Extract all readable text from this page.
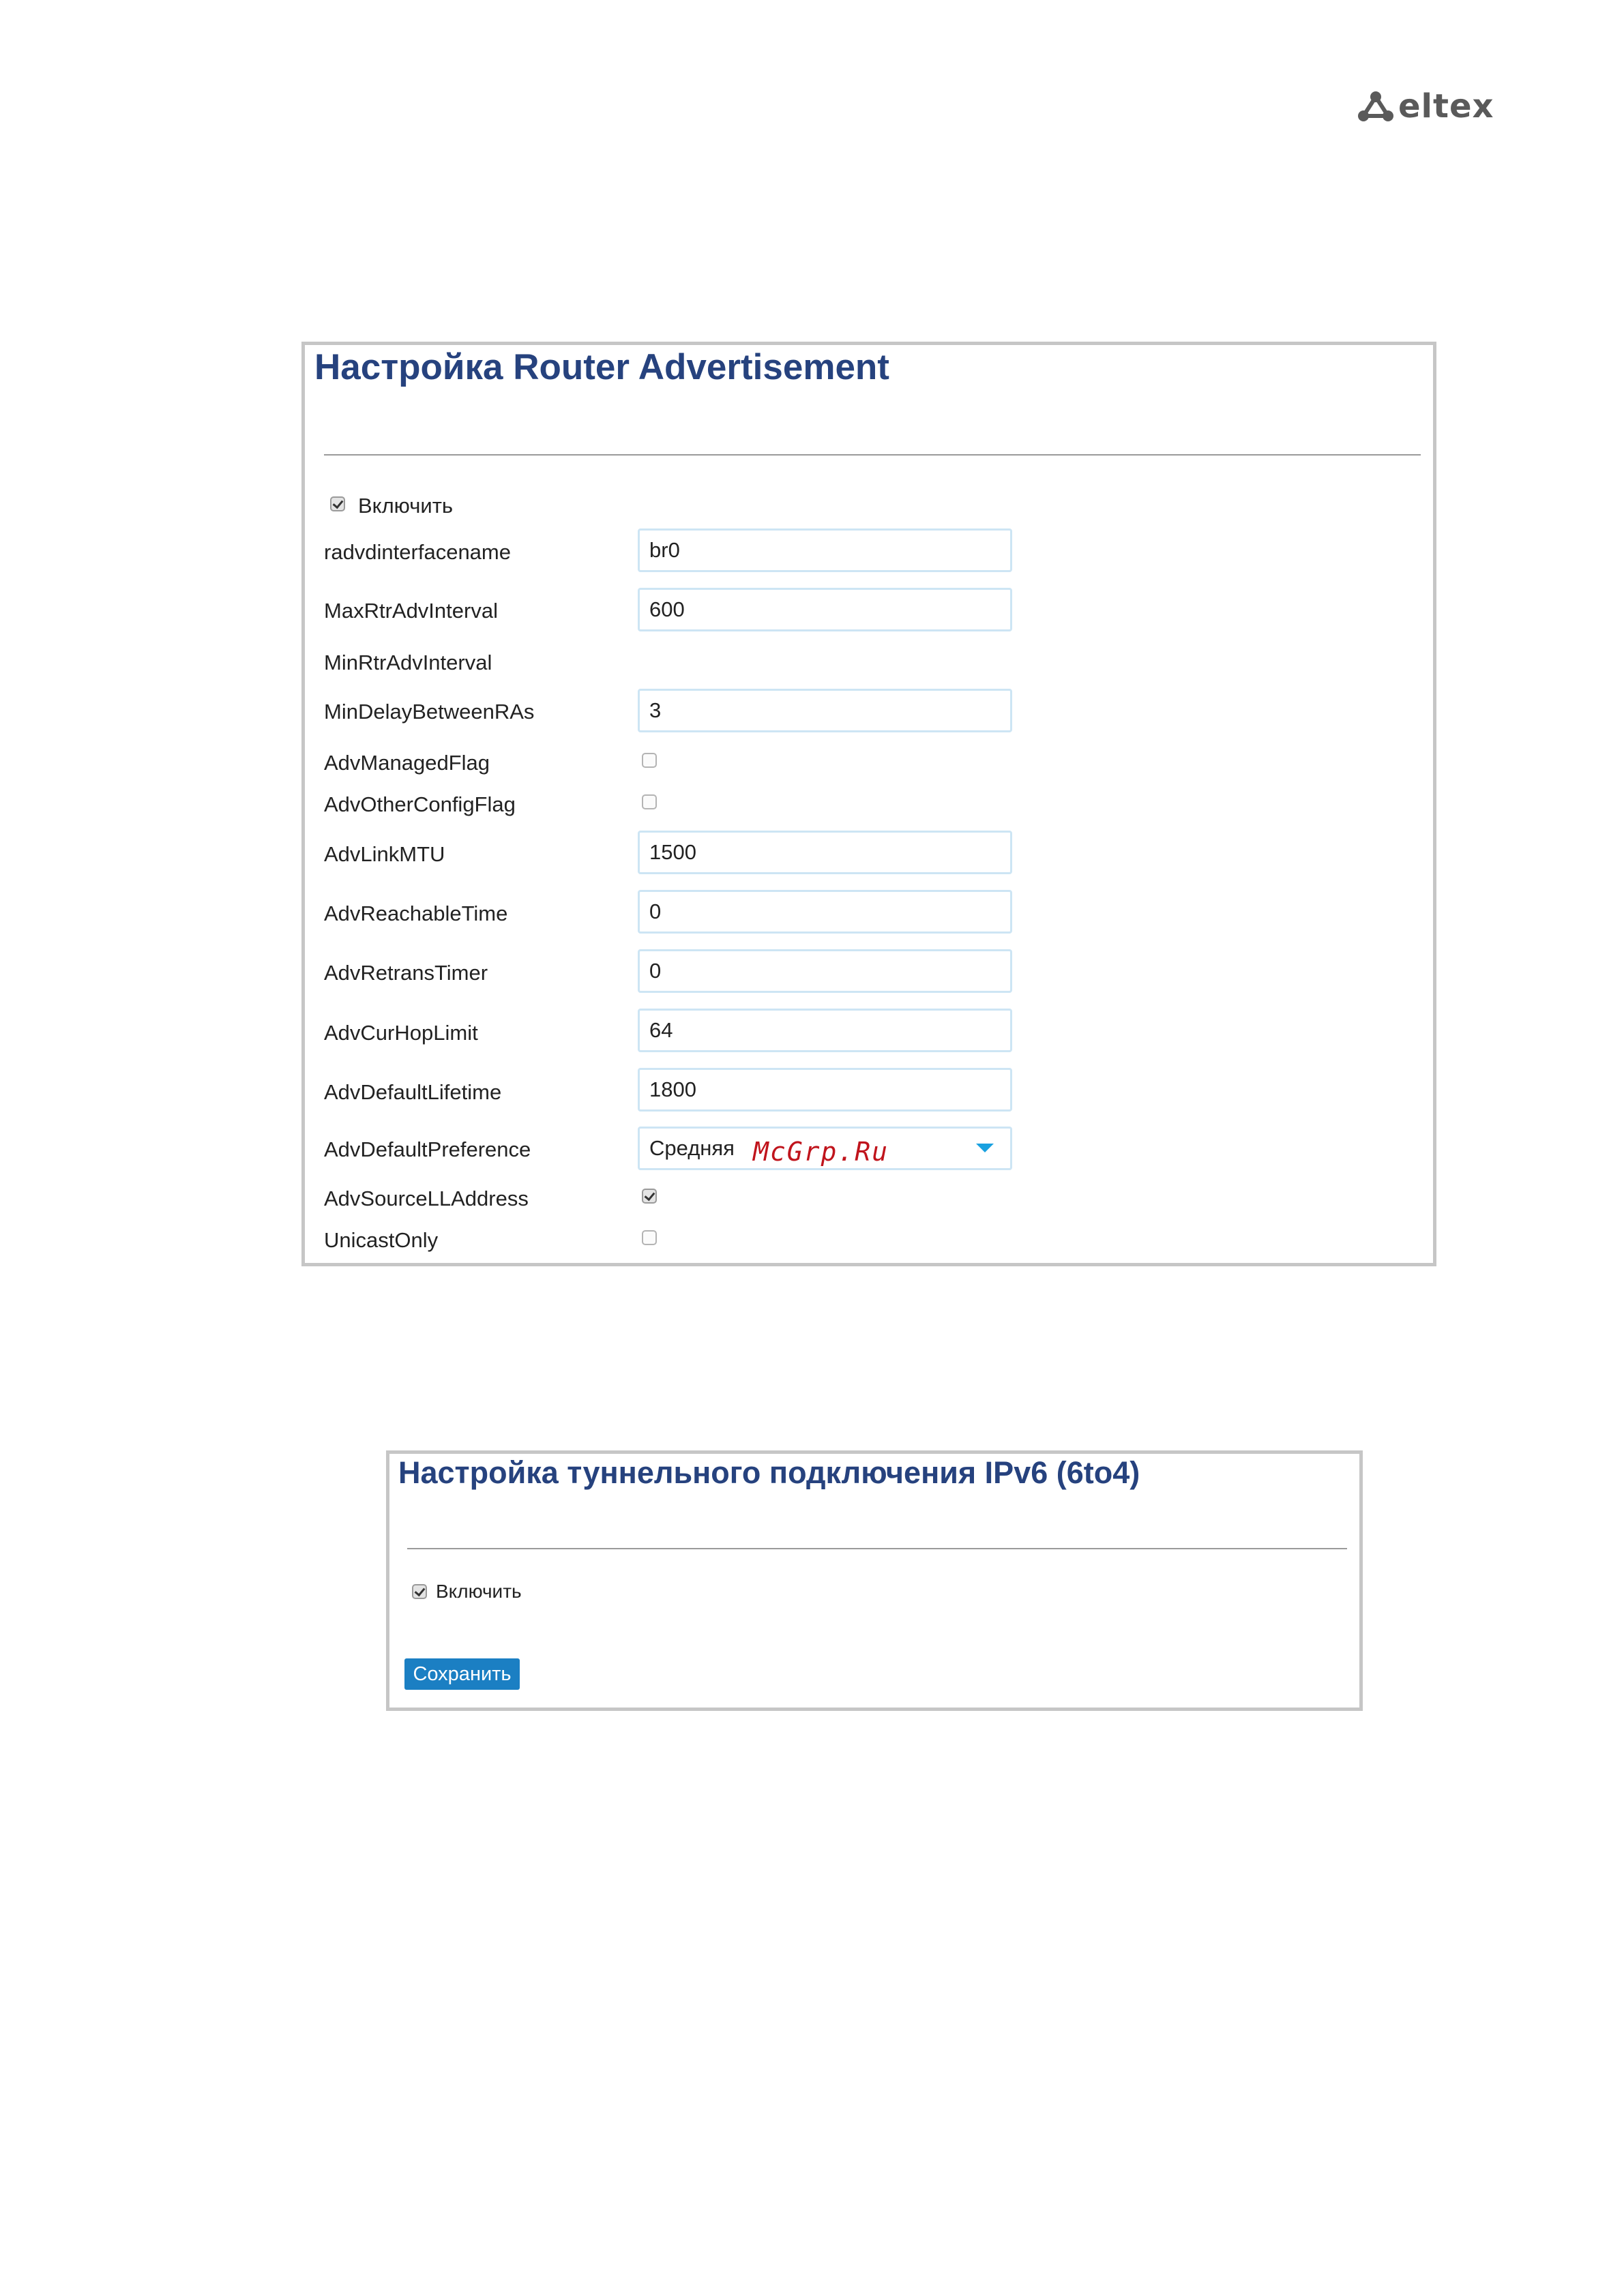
eltex
Настройка Router Advertisement
Включить
radvdinterfacename
br0
MaxRtrAdvInterval
600
MinRtrAdvInterval
MinDelayBetweenRAs
3
AdvManagedFlag
AdvOtherConfigFlag
AdvLinkMTU
1500
AdvReachableTime
0
AdvRetransTimer
0
AdvCurHopLimit
64
AdvDefaultLifetime
1800
AdvDefaultPreference	Средняя
AdvSourceLLAddress
UnicastOnly
McGrp.Ru
Настройка туннельного подключения IPv6 (6to4)
Включить
Сохранить
